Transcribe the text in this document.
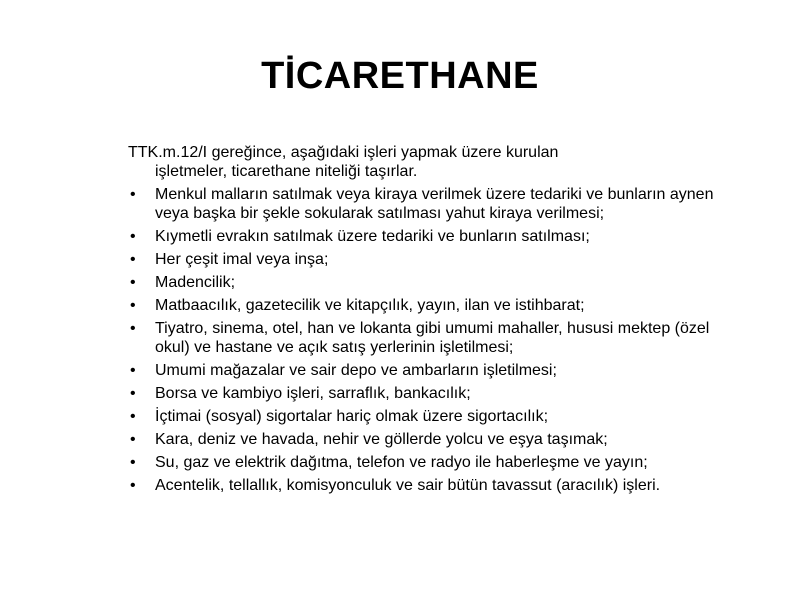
TİCARETHANE

TTK.m.12/I gereğince, aşağıdaki işleri yapmak üzere kurulan
işletmeler, ticarethane niteliği taşırlar.

• Menkul malların satılmak veya kiraya verilmek üzere tedariki ve bunların aynen veya başka bir şekle sokularak satılması yahut kiraya verilmesi;
• Kıymetli evrakın satılmak üzere tedariki ve bunların satılması;
• Her çeşit imal veya inşa;
• Madencilik;
• Matbaacılık, gazetecilik ve kitapçılık, yayın, ilan ve istihbarat;
• Tiyatro, sinema, otel, han ve lokanta gibi umumi mahaller, hususi mektep (özel okul) ve hastane ve açık satış yerlerinin işletilmesi;
• Umumi mağazalar ve sair depo ve ambarların işletilmesi;
• Borsa ve kambiyo işleri, sarraflık, bankacılık;
• İçtimai (sosyal) sigortalar hariç olmak üzere sigortacılık;
• Kara, deniz ve havada, nehir ve göllerde yolcu ve eşya taşımak;
• Su, gaz ve elektrik dağıtma, telefon ve radyo ile haberleşme ve yayın;
• Acentelik, tellallık, komisyonculuk ve sair bütün tavassut (aracılık) işleri.
